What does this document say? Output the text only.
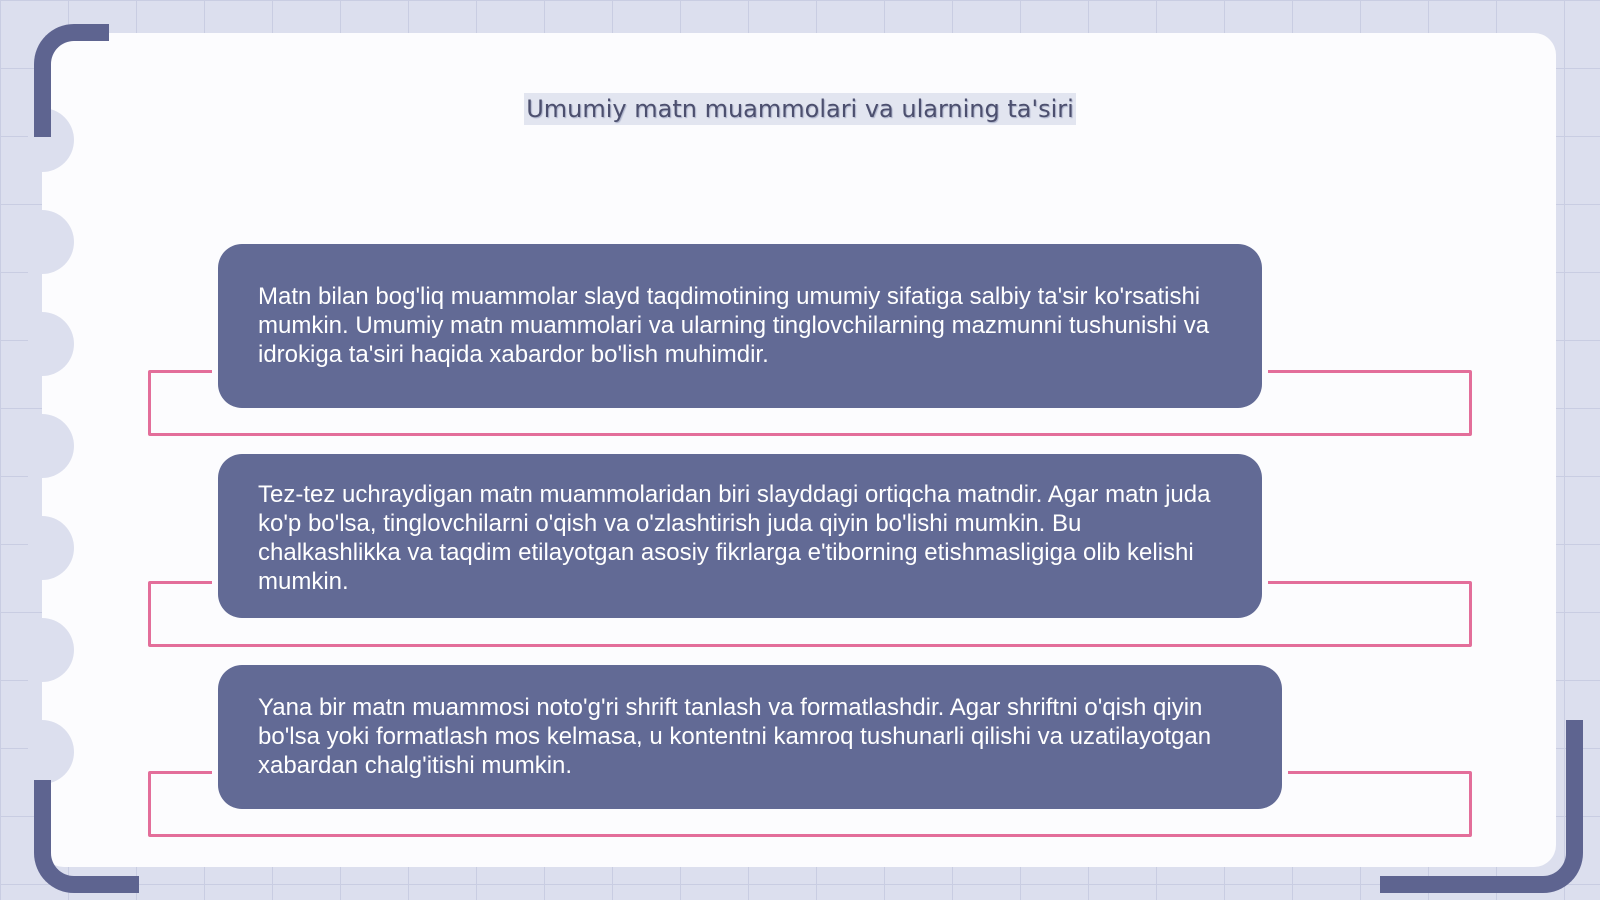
Umumiy matn muammolari va ularning ta'siri
Matn bilan bog'liq muammolar slayd taqdimotining umumiy sifatiga salbiy ta'sir ko'rsatishi mumkin. Umumiy matn muammolari va ularning tinglovchilarning mazmunni tushunishi va idrokiga ta'siri haqida xabardor bo'lish muhimdir.
Tez-tez uchraydigan matn muammolaridan biri slayddagi ortiqcha matndir. Agar matn juda ko'p bo'lsa, tinglovchilarni o'qish va o'zlashtirish juda qiyin bo'lishi mumkin. Bu chalkashlikka va taqdim etilayotgan asosiy fikrlarga e'tiborning etishmasligiga olib kelishi mumkin.
Yana bir matn muammosi noto'g'ri shrift tanlash va formatlashdir. Agar shriftni o'qish qiyin bo'lsa yoki formatlash mos kelmasa, u kontentni kamroq tushunarli qilishi va uzatilayotgan xabardan chalg'itishi mumkin.
